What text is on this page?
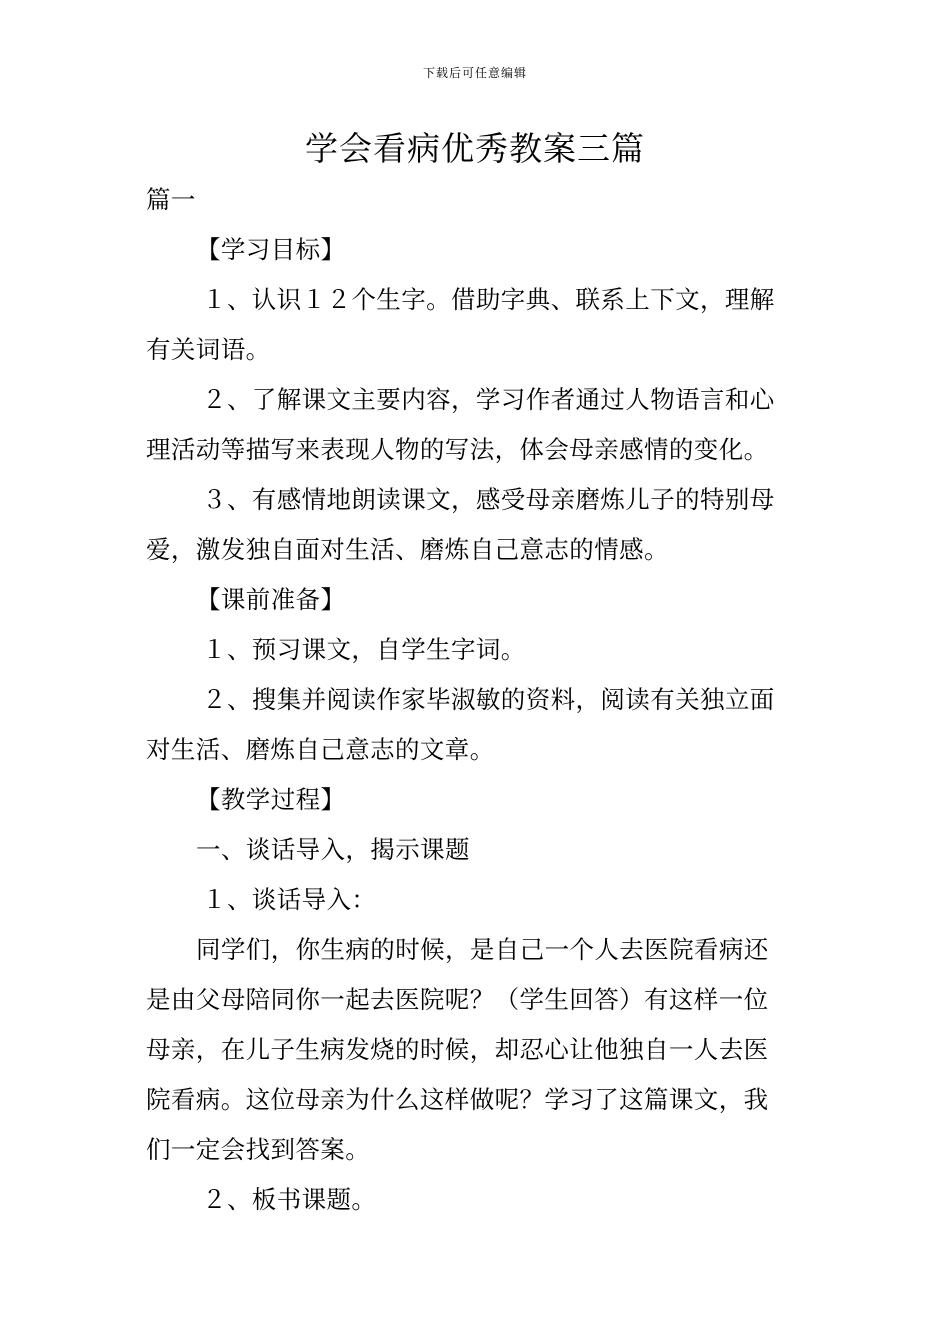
下载后可任意编辑
学会看病优秀教案三篇
篇一
【学习目标】
１、认识１２个生字。借助字典、联系上下文，理解
有关词语。
２、了解课文主要内容，学习作者通过人物语言和心
理活动等描写来表现人物的写法，体会母亲感情的变化。
３、有感情地朗读课文，感受母亲磨炼儿子的特别母
爱，激发独自面对生活、磨炼自己意志的情感。
【课前准备】
１、预习课文，自学生字词。
２、搜集并阅读作家毕淑敏的资料，阅读有关独立面
对生活、磨炼自己意志的文章。
【教学过程】
一、谈话导入，揭示课题
１、谈话导入：
同学们，你生病的时候，是自己一个人去医院看病还
是由父母陪同你一起去医院呢？（学生回答）有这样一位
母亲，在儿子生病发烧的时候，却忍心让他独自一人去医
院看病。这位母亲为什么这样做呢？学习了这篇课文，我
们一定会找到答案。
２、板书课题。
